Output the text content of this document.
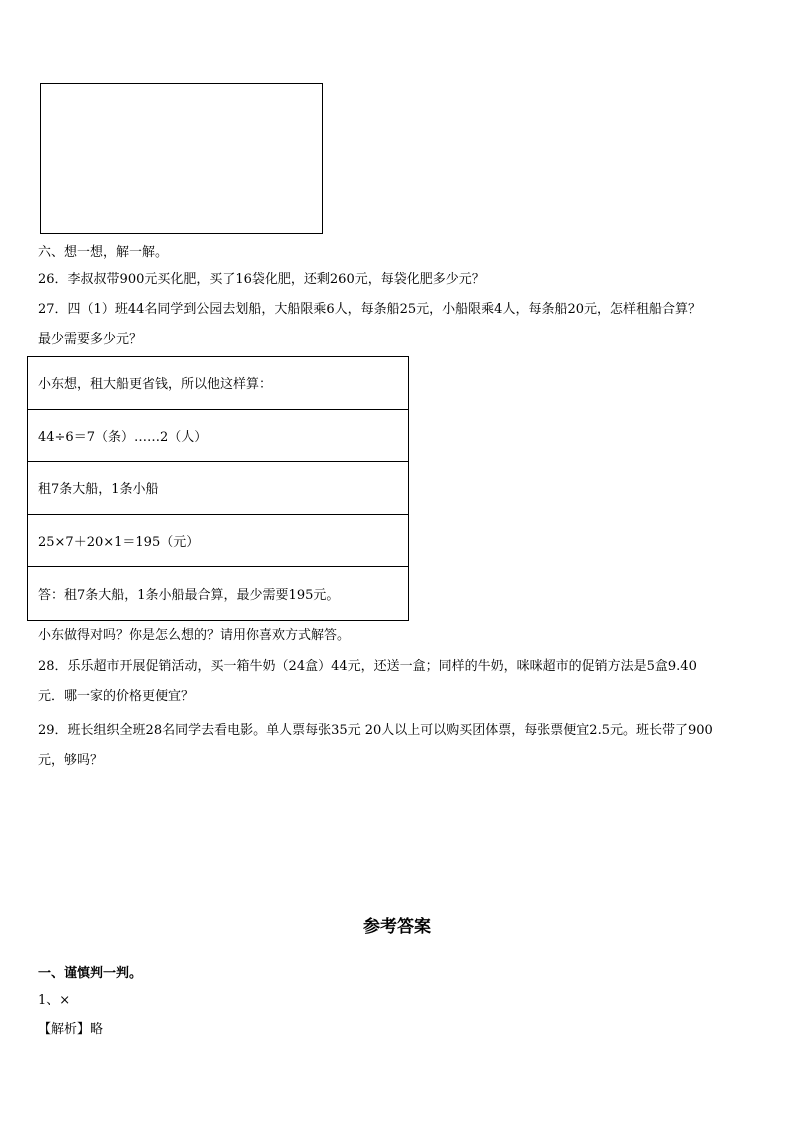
六、想一想，解一解。
26．李叔叔带900元买化肥，买了16袋化肥，还剩260元，每袋化肥多少元？
27．四（1）班44名同学到公园去划船，大船限乘6人，每条船25元，小船限乘4人，每条船20元，怎样租船合算？
最少需要多少元？
小东想，租大船更省钱，所以他这样算：
44÷6＝7（条）……2（人）
租7条大船，1条小船
25×7＋20×1＝195（元）
答：租7条大船，1条小船最合算，最少需要195元。
小东做得对吗？你是怎么想的？请用你喜欢方式解答。
28．乐乐超市开展促销活动，买一箱牛奶（24盒）44元，还送一盒；同样的牛奶，咪咪超市的促销方法是5盒9.40
元．哪一家的价格更便宜？
29．班长组织全班28名同学去看电影。单人票每张35元 20人以上可以购买团体票，每张票便宜2.5元。班长带了900
元，够吗？
参考答案
一、谨慎判一判。
1、×
【解析】略
